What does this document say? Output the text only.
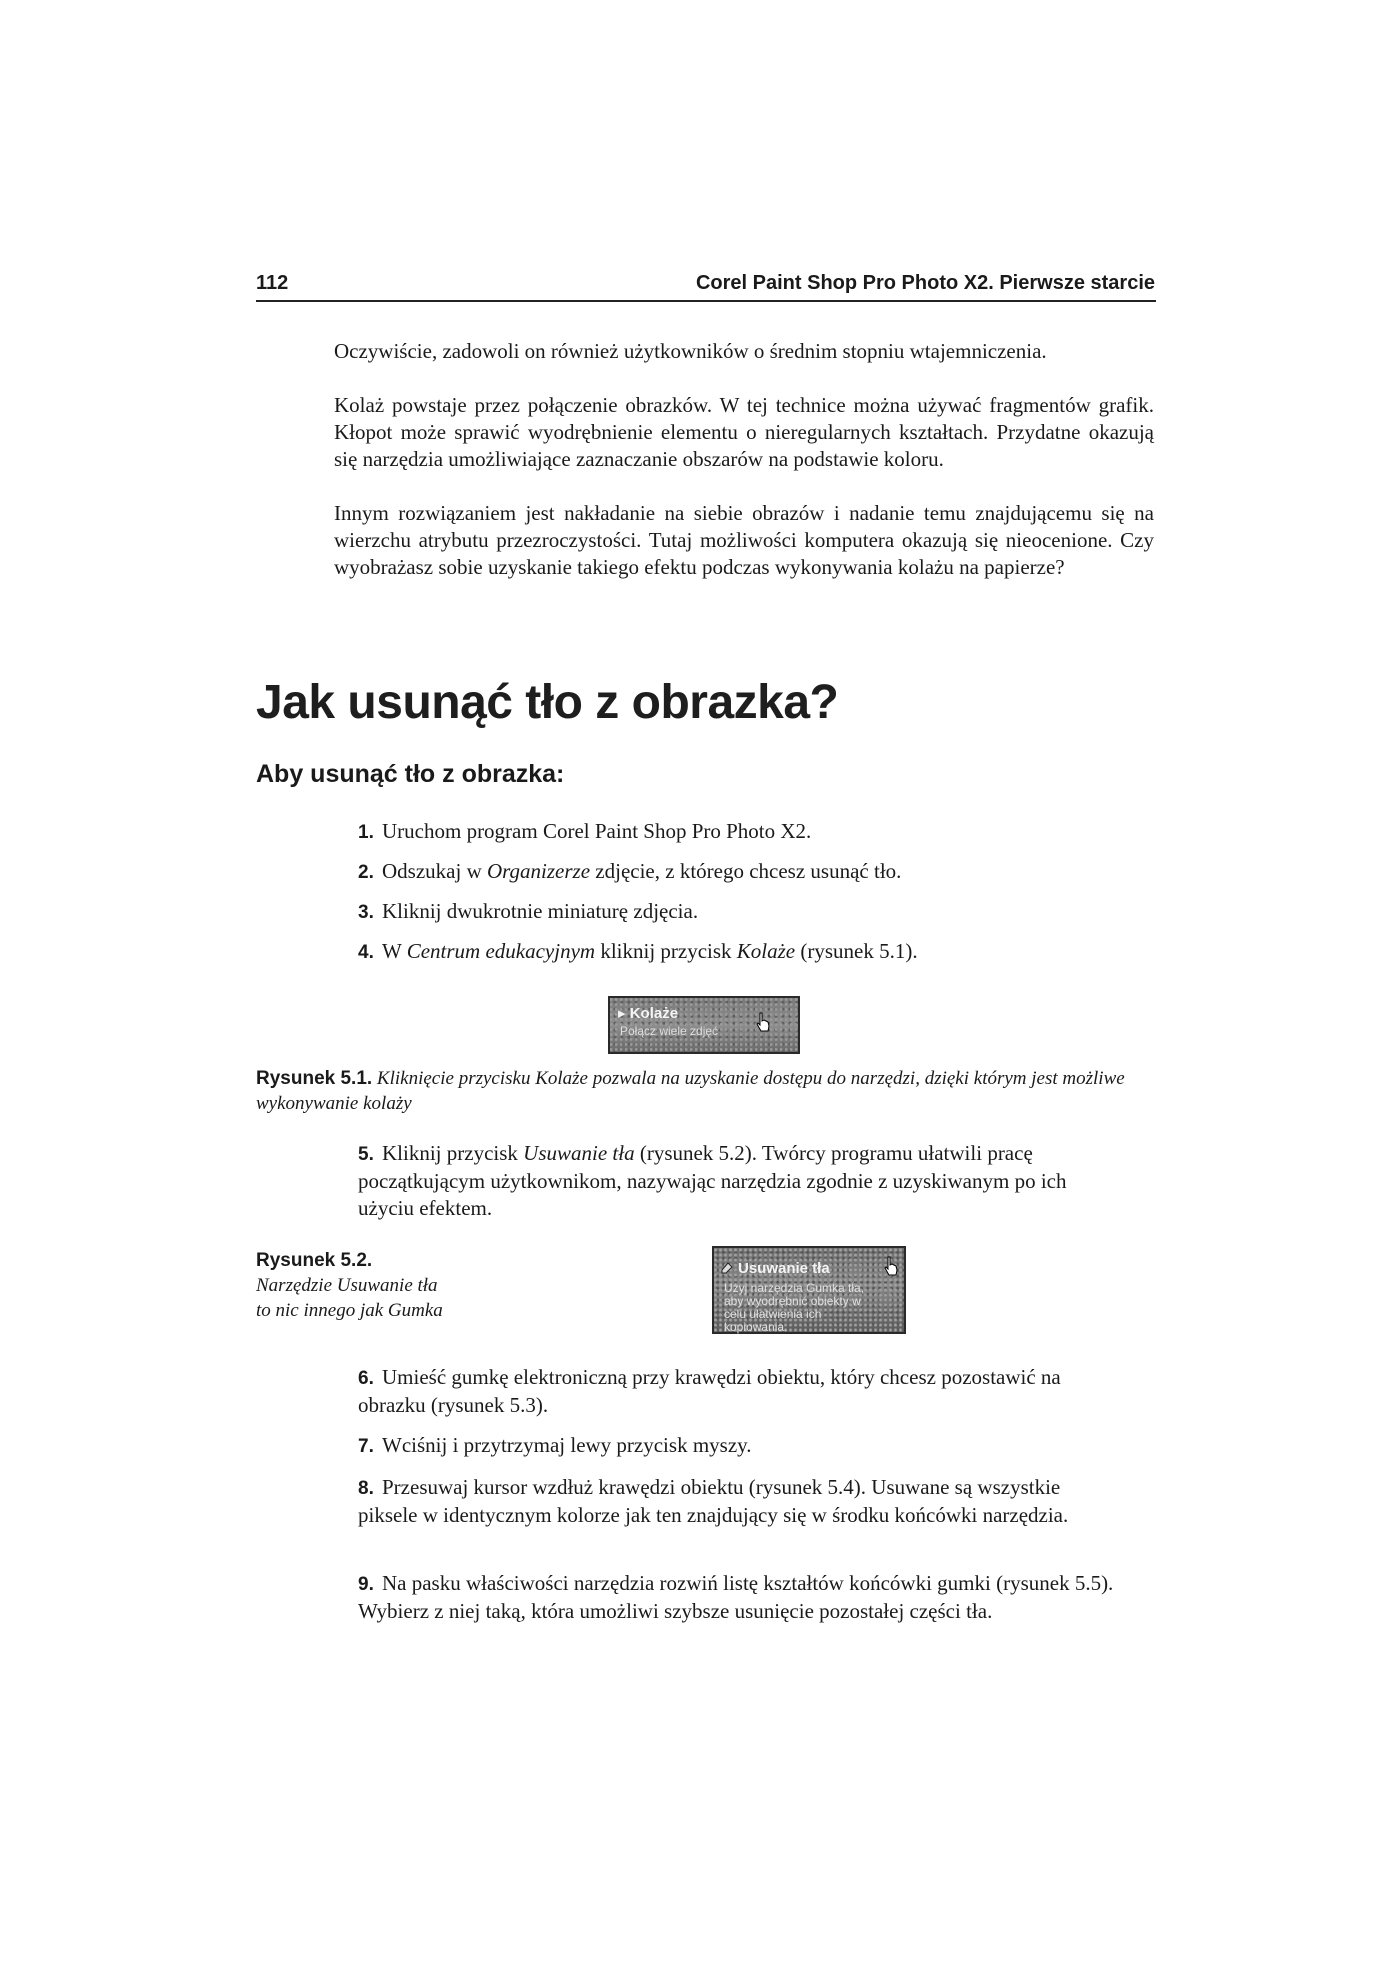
112	Corel Paint Shop Pro Photo X2. Pierwsze starcie

Oczywiście, zadowoli on również użytkowników o średnim stopniu wtajemniczenia.

Kolaż powstaje przez połączenie obrazków. W tej technice można używać fragmentów grafik. Kłopot może sprawić wyodrębnienie elementu o nieregularnych kształtach. Przydatne okazują się narzędzia umożliwiające zaznaczanie obszarów na podstawie koloru.

Innym rozwiązaniem jest nakładanie na siebie obrazów i nadanie temu znajdującemu się na wierzchu atrybutu przezroczystości. Tutaj możliwości komputera okazują się nieocenione. Czy wyobrażasz sobie uzyskanie takiego efektu podczas wykonywania kolażu na papierze?

Jak usunąć tło z obrazka?
Aby usunąć tło z obrazka:

1. Uruchom program Corel Paint Shop Pro Photo X2.

2. Odszukaj w Organizerze zdjęcie, z którego chcesz usunąć tło.

3. Kliknij dwukrotnie miniaturę zdjęcia.

4. W Centrum edukacyjnym kliknij przycisk Kolaże (rysunek 5.1).

▸ Kolaże
Połącz wiele zdjęć

Rysunek 5.1. Kliknięcie przycisku Kolaże pozwala na uzyskanie dostępu do narzędzi, dzięki którym jest możliwe wykonywanie kolaży

5. Kliknij przycisk Usuwanie tła (rysunek 5.2). Twórcy programu ułatwili pracę początkującym użytkownikom, nazywając narzędzia zgodnie z uzyskiwanym po ich użyciu efektem.

Rysunek 5.2.
Narzędzie Usuwanie tła to nic innego jak Gumka

Usuwanie tła
Użyj narzędzia Gumka tła, aby wyodrębnić obiekty w celu ułatwienia ich kopiowania.

6. Umieść gumkę elektroniczną przy krawędzi obiektu, który chcesz pozostawić na obrazku (rysunek 5.3).

7. Wciśnij i przytrzymaj lewy przycisk myszy.

8. Przesuwaj kursor wzdłuż krawędzi obiektu (rysunek 5.4). Usuwane są wszystkie piksele w identycznym kolorze jak ten znajdujący się w środku końcówki narzędzia.

9. Na pasku właściwości narzędzia rozwiń listę kształtów końcówki gumki (rysunek 5.5). Wybierz z niej taką, która umożliwi szybsze usunięcie pozostałej części tła.
